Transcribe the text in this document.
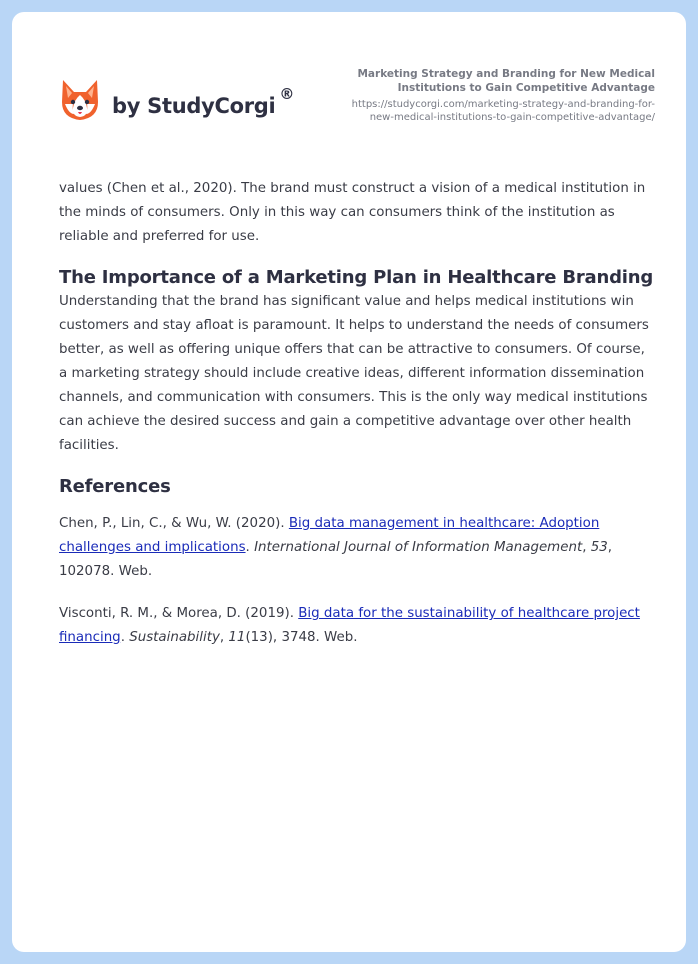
by StudyCorgi ®
Marketing Strategy and Branding for New Medical
Institutions to Gain Competitive Advantage
https://studycorgi.com/marketing-strategy-and-branding-for-
new-medical-institutions-to-gain-competitive-advantage/

values (Chen et al., 2020). The brand must construct a vision of a medical institution in the minds of consumers. Only in this way can consumers think of the institution as reliable and preferred for use.

The Importance of a Marketing Plan in Healthcare Branding

Understanding that the brand has significant value and helps medical institutions win customers and stay afloat is paramount. It helps to understand the needs of consumers better, as well as offering unique offers that can be attractive to consumers. Of course, a marketing strategy should include creative ideas, different information dissemination channels, and communication with consumers. This is the only way medical institutions can achieve the desired success and gain a competitive advantage over other health facilities.

References

Chen, P., Lin, C., & Wu, W. (2020). Big data management in healthcare: Adoption challenges and implications. International Journal of Information Management, 53, 102078. Web.

Visconti, R. M., & Morea, D. (2019). Big data for the sustainability of healthcare project financing. Sustainability, 11(13), 3748. Web.
